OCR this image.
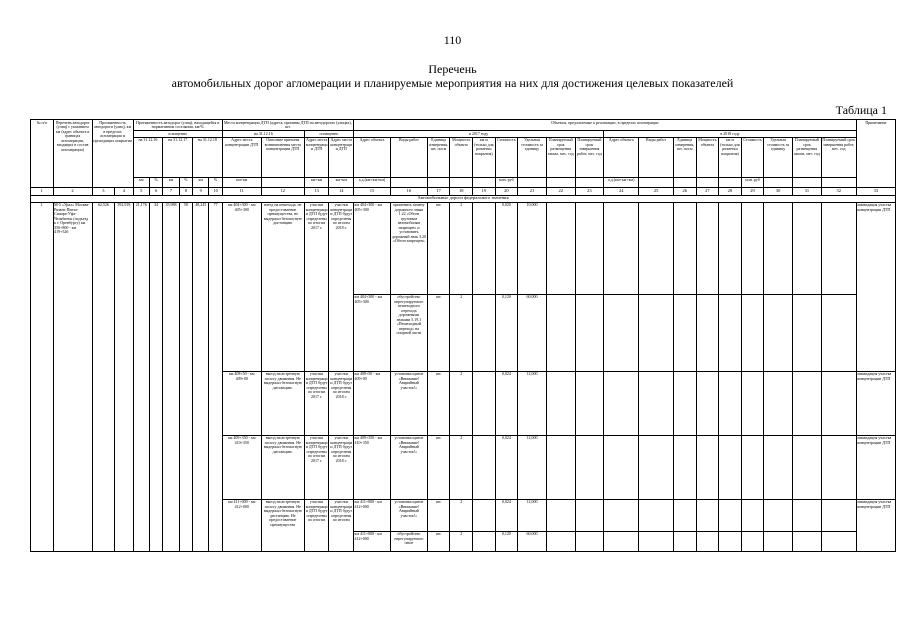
110
Перечень
автомобильных дорог агломерации и планируемые мероприятия на них для достижения целевых показателей
Таблица 1
№ п/п	Перечень автодорог (улиц) с указанием км (адрес объекта в границах агломерации, входящих в состав агломерации)	Протяженность автодороги (улиц), км в пределах агломерации и проходящих покрытия		Протяженность автодорог (улиц), находящейся в нормативном состоянии, км/%						Места концентрации ДТП (адреса, причины ДТП на автодорогах (улицах), шт.				Объекты, предлагаемые к реализации, в пределах агломерации																		Примечание
				оснащенно						на 31.12.16		оснащенно		в 2017 году									в 2018 году									
				на 31.12.16		на 31.12.17		на 31.12.18		Адрес места концентрации ДТП	Описание причины возникновения места концентрации ДТП	Адрес места концентрации ДТП	Адрес места концентрации ДТП	Адрес объекта	Виды работ	Единица измерения, шт, пог.м	Мощность объекта	км м (только для разметки покрытия)	Стоимость	Удельная стоимость за единицу	Планируемый срок размещения заказа, мес. год	Планируемый срок завершения работ, мес. год	Адрес объекта	Виды работ	Единица измерения, шт, пог.м	Мощность объекта	км м (только для разметки покрытия)	Стоимость	Удельная стоимость за единицу	Планируемый срок размещения заказа, мес. год	Планируемый срок завершения работ, мес. год	
				км	%	км	%	км	%	км+км		км+км	км+км	а.д.(км+км+км)					млн. руб				а.д.(км+км+км)					млн. руб				
1	2	3	4	5	6	7	8	9	10	11	12	13	14	15	16	17	18	19	20	21	22	23	24	25	26	27	28	29	30	31	32	33
Автомобильные дороги федерального значения																																
1.	М-5 «Урал» Москва-Рязань-Пенза-Самара-Уфа-Челябинск (подъезд к г. Оренбургу) км 356+800 - км 419+526	62,526	592,918	21,176	34	35,988	58	48,245	77	км 404+300 - км 405+300	наезд на пешехода, не предоставление преимущества, не выдержал безопасную дистанцию	участки концентрации ДТП будут определены по итогам 2017 г.	участки концентрации ДТП будут определены по итогам 2018 г.	км 404+300 - км 405+300	применить замену дорожного знака 1.22 «Обгон грузовым автомобилям запрещен» и установить дорожный знак 3.20 «Обгон запрещен»	шт.	2		0,020	10,000												ликвидация участка концентрации ДТП
														км 404+300 - км 405+300	обустройство нерегулируемого пешеходного перехода дорожными знаками 5.19.1 «Пешеходный переход» на опорной части	шт.	2		0,120	60,000												
										км 408+50 - км 409+00	выезд на встречную полосу движения. Не выдержал безопасную дистанцию.	участки концентрации ДТП будут определены по итогам 2017 г.	участки концентрации ДТП будут определены по итогам 2018 г.	км 408+50 - км 409+00	установка щитов «Внимание! Аварийный участок!»	шт.	2		0,024	12,000												ликвидация участка концентрации ДТП
										км 409+350 - км 410+350	выезд на встречную полосу движения. Не выдержал безопасную дистанцию.	участки концентрации ДТП будут определены по итогам 2017 г.	участки концентрации ДТП будут определены по итогам 2018 г.	км 409+350 - км 410+350	установка щитов «Внимание! Аварийный участок!»	шт.	2		0,024	12,000												ликвидация участка концентрации ДТП
										км 411+000 - км 412+000	выезд на встречную полосу движения. Не выдержал безопасную дистанцию. Не предоставление преимущества	участки концентрации ДТП будут определены по итогам	участки концентрации ДТП будут определены по итогам	км 411+000 - км 412+000	установка щитов «Внимание! Аварийный участок!»	шт.	2		0,024	12,000												ликвидация участка концентрации ДТП
														км 411+000 - км 412+000	обустройство нерегулируемого пеше	шт.	2		0,120	60,000												
